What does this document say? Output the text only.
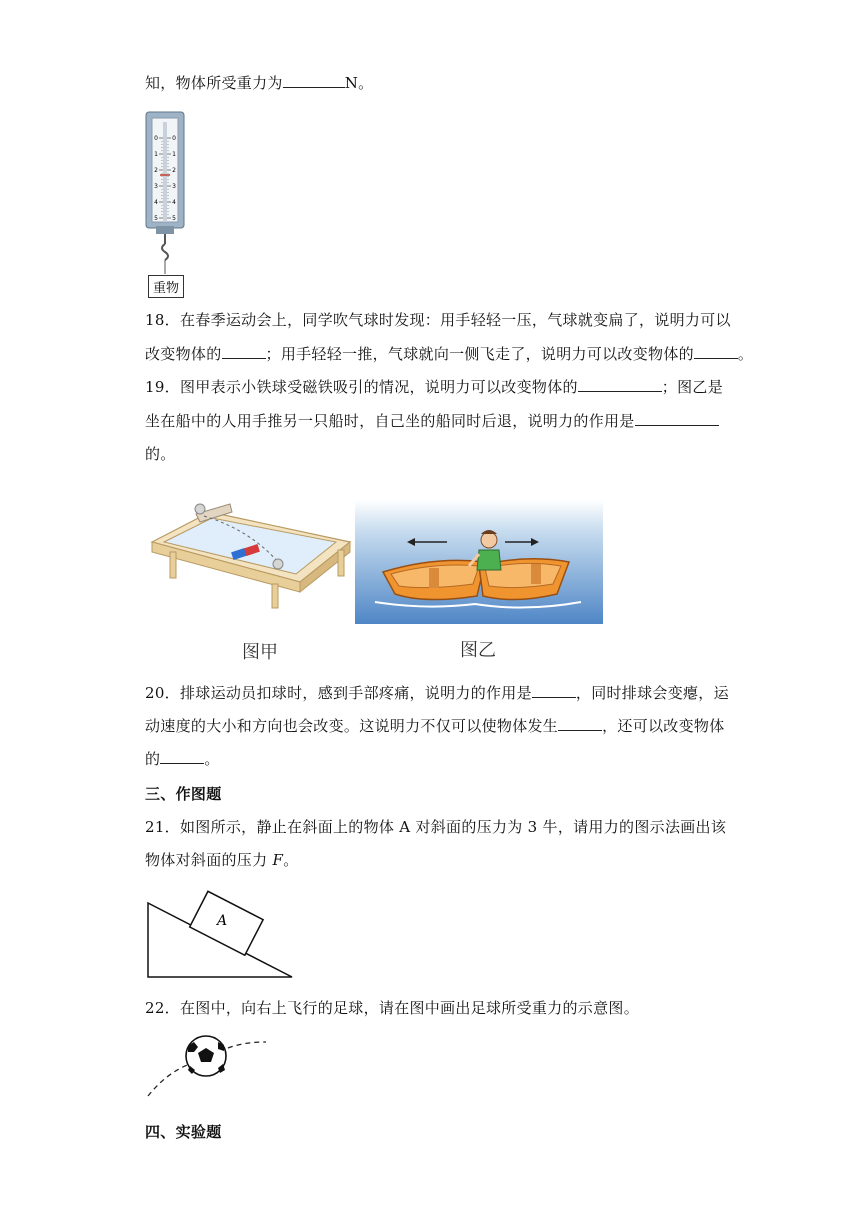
知，物体所受重力为	N。
0 0
1 1
2 2
3 3
4 4
5 5
重物
18．在春季运动会上，同学吹气球时发现：用手轻轻一压，气球就变扁了，说明力可以
改变物体的	；用手轻轻一推，气球就向一侧飞走了，说明力可以改变物体的	。
19．图甲表示小铁球受磁铁吸引的情况，说明力可以改变物体的	；图乙是
坐在船中的人用手推另一只船时，自己坐的船同时后退，说明力的作用是
的。
图甲	图乙
20．排球运动员扣球时，感到手部疼痛，说明力的作用是	，同时排球会变瘪，运
动速度的大小和方向也会改变。这说明力不仅可以使物体发生	，还可以改变物体
的	。
三、作图题
21．如图所示，静止在斜面上的物体 A 对斜面的压力为 3 牛，请用力的图示法画出该
物体对斜面的压力 F。
A
22．在图中，向右上飞行的足球，请在图中画出足球所受重力的示意图。
四、实验题
